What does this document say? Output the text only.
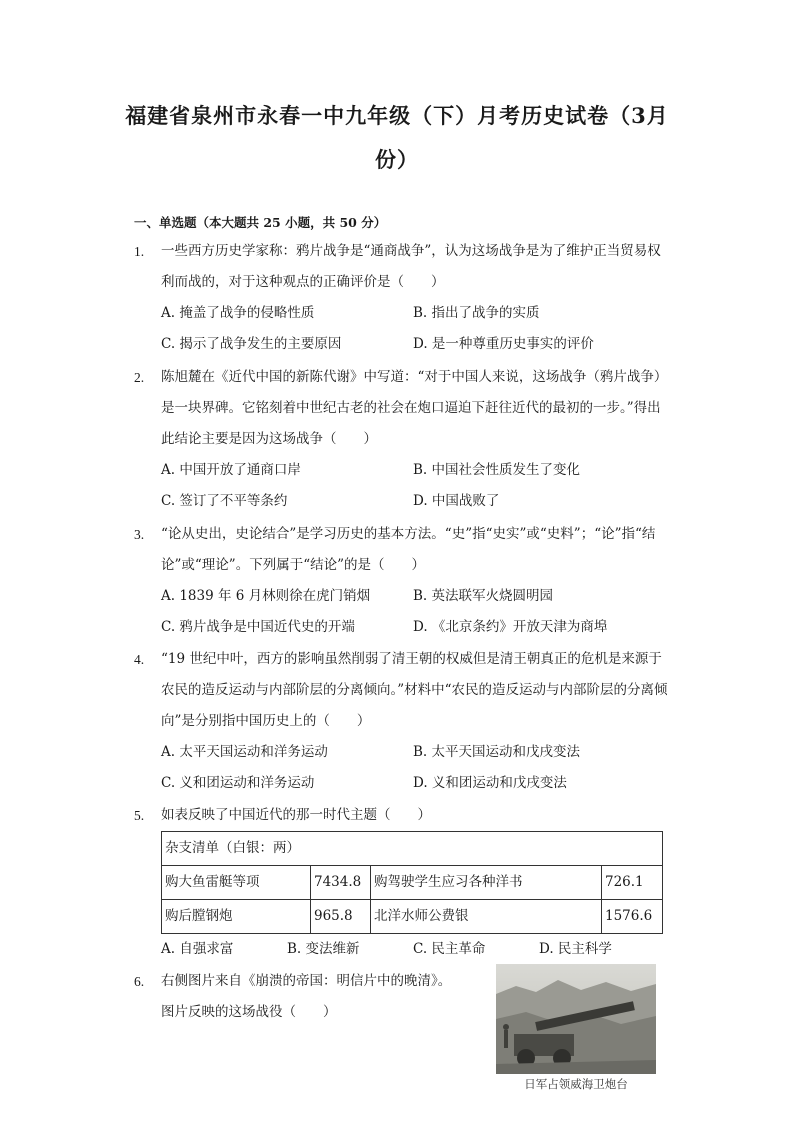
福建省泉州市永春一中九年级（下）月考历史试卷（3月
份）
一、单选题（本大题共 25 小题，共 50 分）
1.	一些西方历史学家称：鸦片战争是“通商战争”，认为这场战争是为了维护正当贸易权利而战的，对于这种观点的正确评价是（　　）
A. 掩盖了战争的侵略性质	B. 指出了战争的实质
C. 揭示了战争发生的主要原因	D. 是一种尊重历史事实的评价
2.	陈旭麓在《近代中国的新陈代谢》中写道：“对于中国人来说，这场战争（鸦片战争）是一块界碑。它铭刻着中世纪古老的社会在炮口逼迫下赶往近代的最初的一步。”得出此结论主要是因为这场战争（　　）
A. 中国开放了通商口岸	B. 中国社会性质发生了变化
C. 签订了不平等条约	D. 中国战败了
3.	“论从史出，史论结合”是学习历史的基本方法。“史”指“史实”或“史料”；“论”指“结论”或“理论”。下列属于“结论”的是（　　）
A. 1839 年 6 月林则徐在虎门销烟	B. 英法联军火烧圆明园
C. 鸦片战争是中国近代史的开端	D. 《北京条约》开放天津为商埠
4.	“19 世纪中叶，西方的影响虽然削弱了清王朝的权威但是清王朝真正的危机是来源于农民的造反运动与内部阶层的分离倾向。”材料中“农民的造反运动与内部阶层的分离倾向”是分别指中国历史上的（　　）
A. 太平天国运动和洋务运动	B. 太平天国运动和戊戌变法
C. 义和团运动和洋务运动	D. 义和团运动和戊戌变法
5.	如表反映了中国近代的那一时代主题（　　）
杂支清单（白银：两）			
购大鱼雷艇等项	7434.8	购驾驶学生应习各种洋书	726.1
购后膛钢炮	965.8	北洋水师公费银	1576.6
A. 自强求富	B. 变法维新	C. 民主革命	D. 民主科学
6.	右侧图片来自《崩溃的帝国：明信片中的晚清》。
图片反映的这场战役（　　）
日军占领威海卫炮台
